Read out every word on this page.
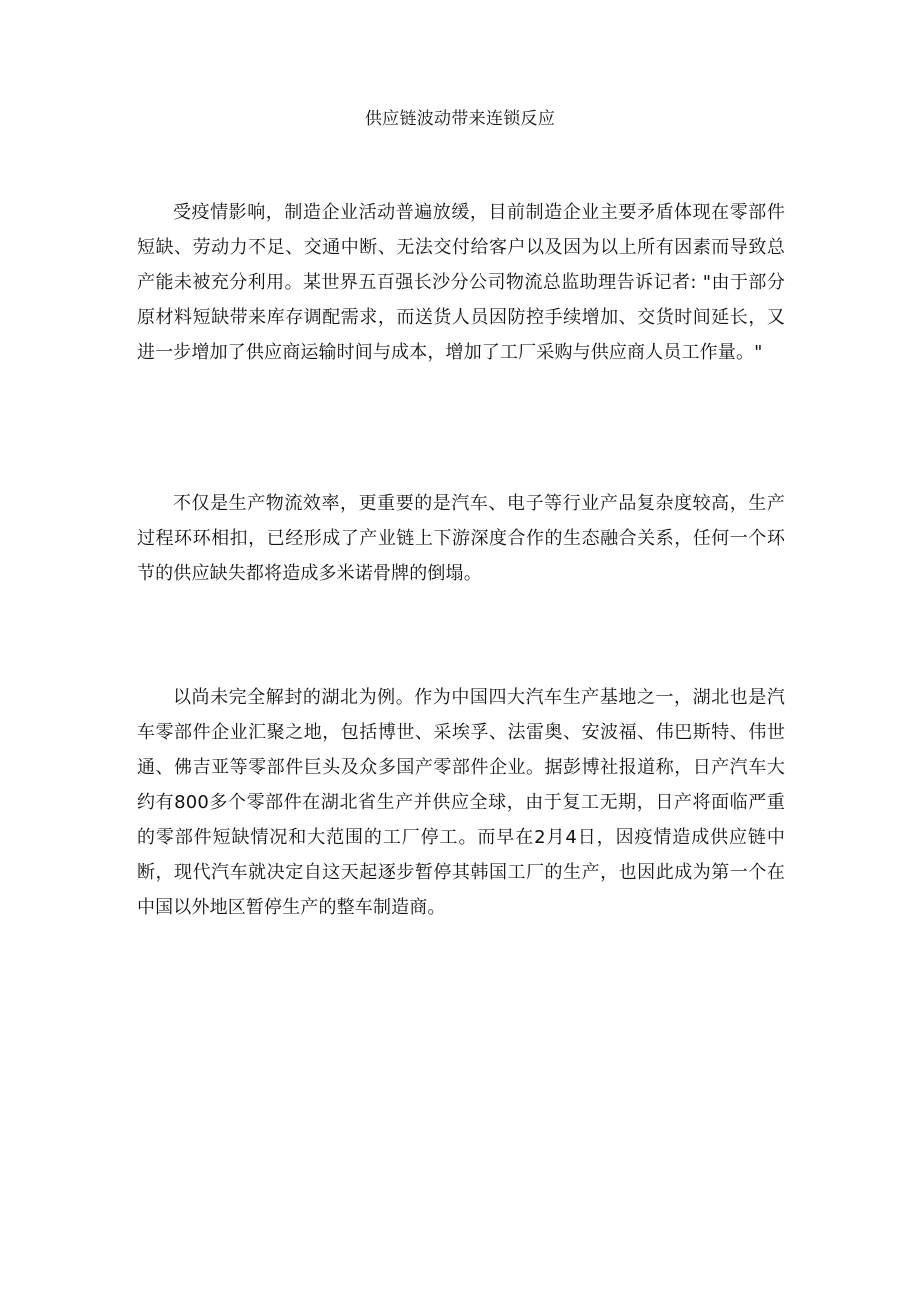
供应链波动带来连锁反应

受疫情影响，制造企业活动普遍放缓，目前制造企业主要矛盾体现在零部件短缺、劳动力不足、交通中断、无法交付给客户以及因为以上所有因素而导致总产能未被充分利用。某世界五百强长沙分公司物流总监助理告诉记者: "由于部分原材料短缺带来库存调配需求，而送货人员因防控手续增加、交货时间延长，又进一步增加了供应商运输时间与成本，增加了工厂采购与供应商人员工作量。"

不仅是生产物流效率，更重要的是汽车、电子等行业产品复杂度较高，生产过程环环相扣，已经形成了产业链上下游深度合作的生态融合关系，任何一个环节的供应缺失都将造成多米诺骨牌的倒塌。

以尚未完全解封的湖北为例。作为中国四大汽车生产基地之一，湖北也是汽车零部件企业汇聚之地，包括博世、采埃孚、法雷奥、安波福、伟巴斯特、伟世通、佛吉亚等零部件巨头及众多国产零部件企业。据彭博社报道称，日产汽车大约有800多个零部件在湖北省生产并供应全球，由于复工无期，日产将面临严重的零部件短缺情况和大范围的工厂停工。而早在2月4日，因疫情造成供应链中断，现代汽车就决定自这天起逐步暂停其韩国工厂的生产，也因此成为第一个在中国以外地区暂停生产的整车制造商。
